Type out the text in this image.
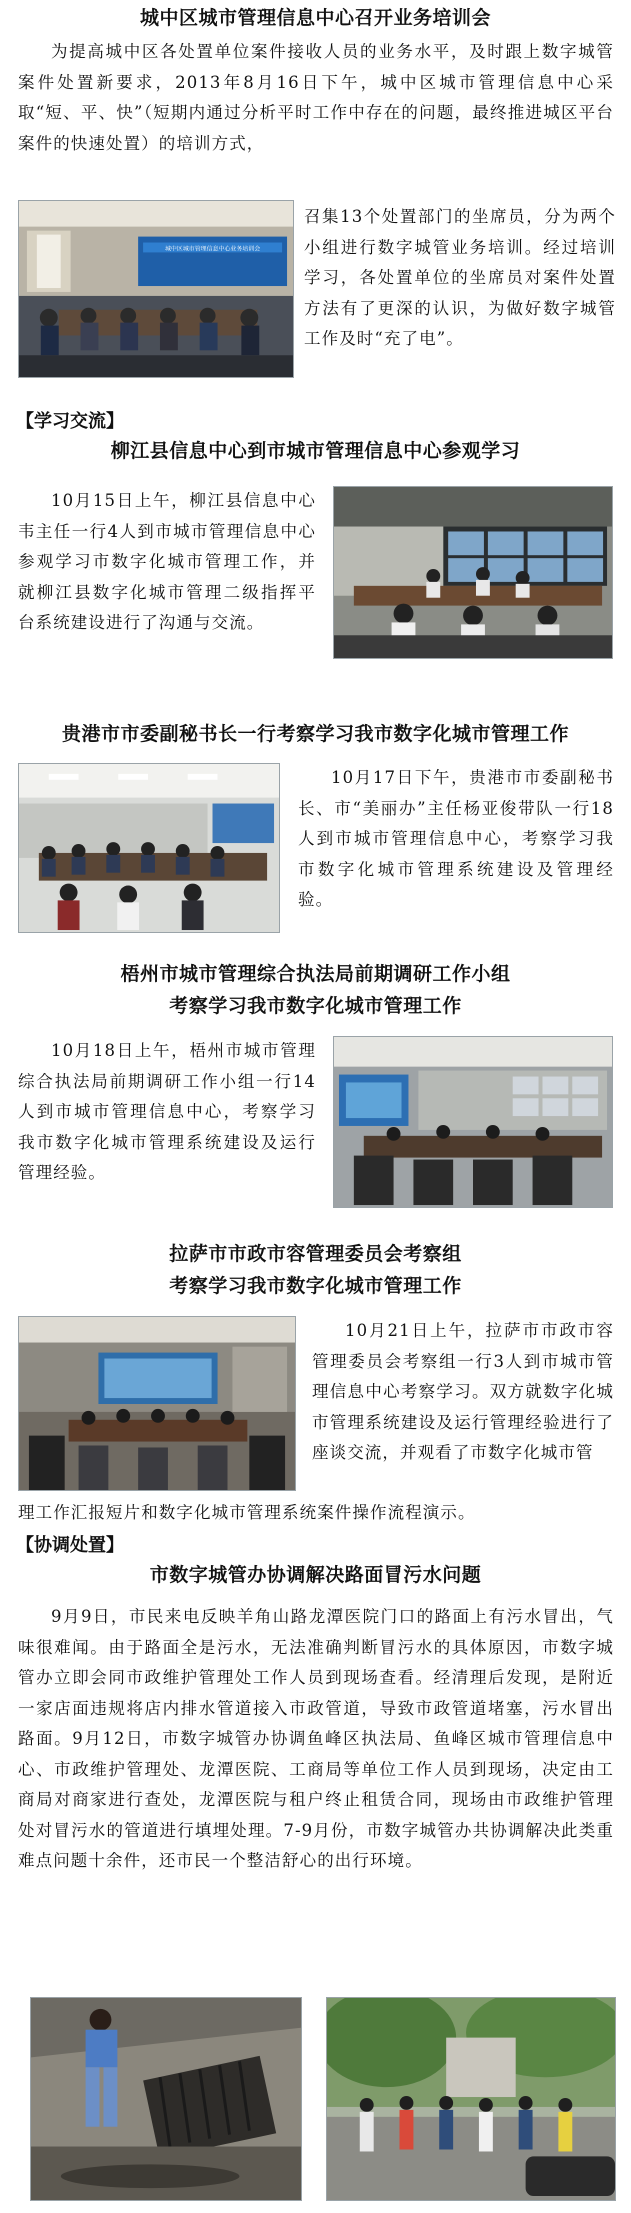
城中区城市管理信息中心召开业务培训会

为提高城中区各处置单位案件接收人员的业务水平，及时跟上数字城管案件处置新要求，2013年8月16日下午，城中区城市管理信息中心采取“短、平、快”（短期内通过分析平时工作中存在的问题，最终推进城区平台案件的快速处置）的培训方式，

城中区城市管理信息中心业务培训会

召集13个处置部门的坐席员，分为两个小组进行数字城管业务培训。经过培训学习，各处置单位的坐席员对案件处置方法有了更深的认识，为做好数字城管工作及时“充了电”。

【学习交流】
柳江县信息中心到市城市管理信息中心参观学习

10月15日上午，柳江县信息中心韦主任一行4人到市城市管理信息中心参观学习市数字化城市管理工作，并就柳江县数字化城市管理二级指挥平台系统建设进行了沟通与交流。

贵港市市委副秘书长一行考察学习我市数字化城市管理工作

10月17日下午，贵港市市委副秘书长、市“美丽办”主任杨亚俊带队一行18人到市城市管理信息中心，考察学习我市数字化城市管理系统建设及管理经验。

梧州市城市管理综合执法局前期调研工作小组
考察学习我市数字化城市管理工作

10月18日上午，梧州市城市管理综合执法局前期调研工作小组一行14人到市城市管理信息中心，考察学习我市数字化城市管理系统建设及运行管理经验。

拉萨市市政市容管理委员会考察组
考察学习我市数字化城市管理工作

10月21日上午，拉萨市市政市容管理委员会考察组一行3人到市城市管理信息中心考察学习。双方就数字化城市管理系统建设及运行管理经验进行了座谈交流，并观看了市数字化城市管

理工作汇报短片和数字化城市管理系统案件操作流程演示。

【协调处置】
市数字城管办协调解决路面冒污水问题

9月9日，市民来电反映羊角山路龙潭医院门口的路面上有污水冒出，气味很难闻。由于路面全是污水，无法准确判断冒污水的具体原因，市数字城管办立即会同市政维护管理处工作人员到现场查看。经清理后发现，是附近一家店面违规将店内排水管道接入市政管道，导致市政管道堵塞，污水冒出路面。9月12日，市数字城管办协调鱼峰区执法局、鱼峰区城市管理信息中心、市政维护管理处、龙潭医院、工商局等单位工作人员到现场，决定由工商局对商家进行查处，龙潭医院与租户终止租赁合同，现场由市政维护管理处对冒污水的管道进行填埋处理。7-9月份，市数字城管办共协调解决此类重难点问题十余件，还市民一个整洁舒心的出行环境。
